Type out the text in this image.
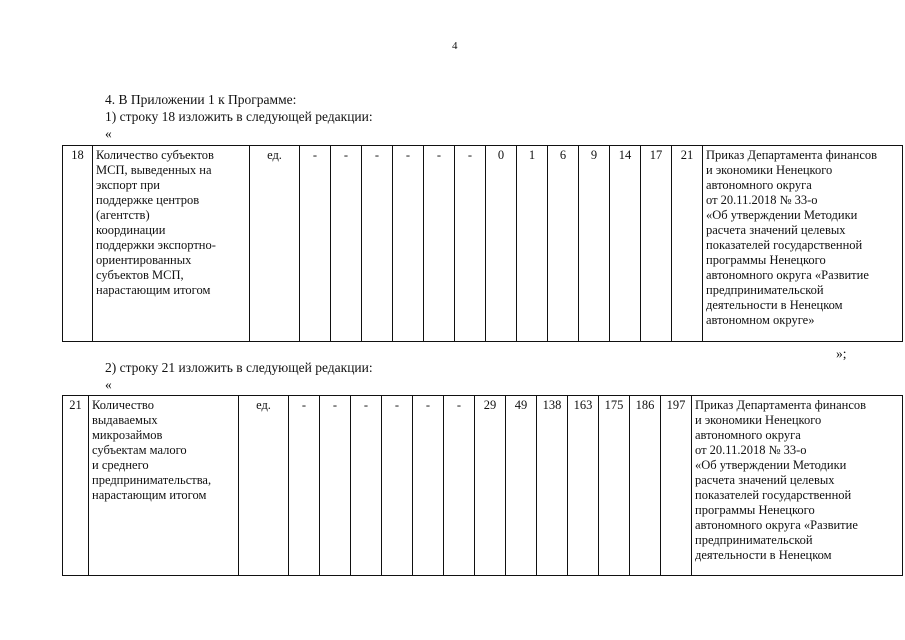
4
4. В Приложении 1 к Программе:
1) строку 18 изложить в следующей редакции:
«
18	Количество субъектов
МСП, выведенных на
экспорт при
поддержке центров
(агентств)
координации
поддержки экспортно-
ориентированных
субъектов МСП,
нарастающим итогом
	ед.	-	-	-	-	-	-	0	1	6	9	14	17	21	Приказ Департамента финансов
и экономики Ненецкого
автономного округа
от 20.11.2018 № 33-о
«Об утверждении Методики
расчета значений целевых
показателей государственной
программы Ненецкого
автономного округа «Развитие
предпринимательской
деятельности в Ненецком
автономном округе»
»;
2) строку 21 изложить в следующей редакции:
«
21	Количество
выдаваемых
микрозаймов
субъектам малого
и среднего
предпринимательства,
нарастающим итогом
	ед.	-	-	-	-	-	-	29	49	138	163	175	186	197	Приказ Департамента финансов
и экономики Ненецкого
автономного округа
от 20.11.2018 № 33-о
«Об утверждении Методики
расчета значений целевых
показателей государственной
программы Ненецкого
автономного округа «Развитие
предпринимательской
деятельности в Ненецком
